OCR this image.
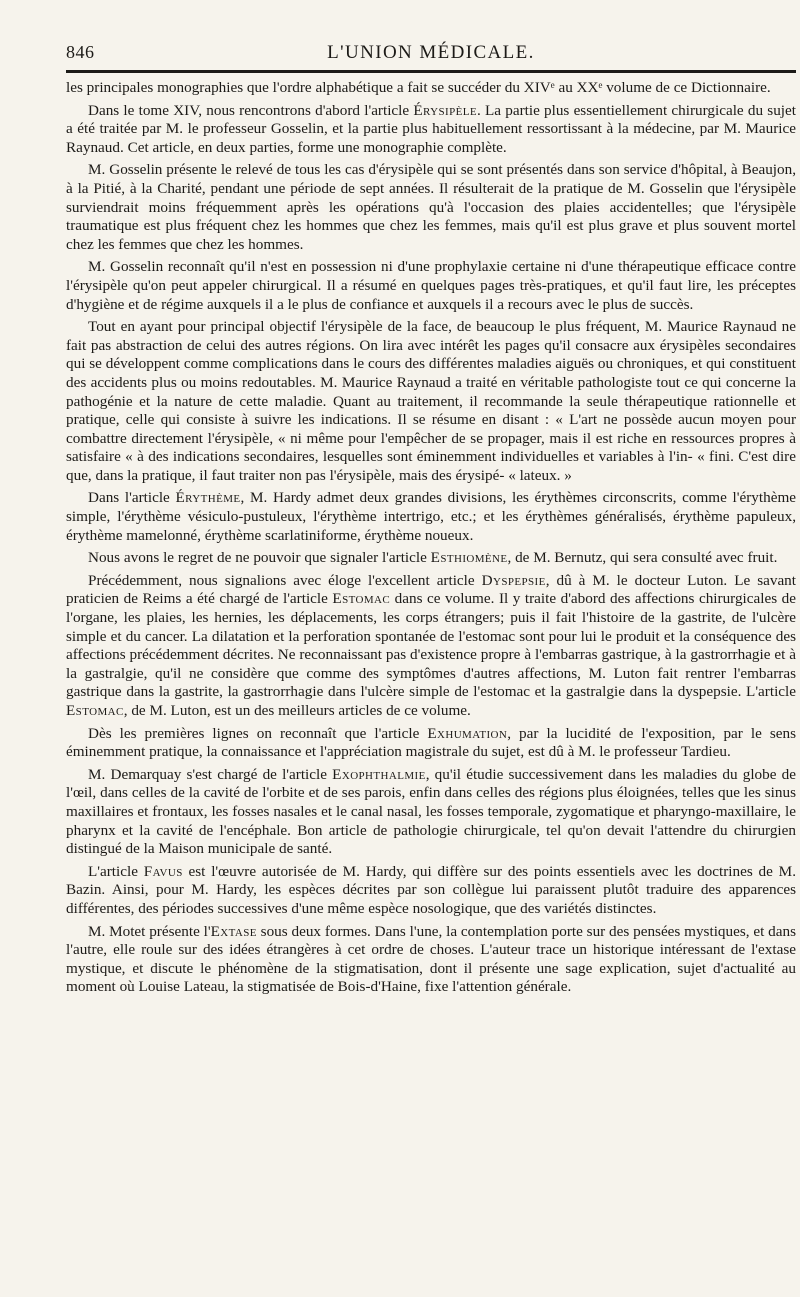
846	L'UNION MÉDICALE.

les principales monographies que l'ordre alphabétique a fait se succéder du XIVᵉ au XXᵉ volume de ce Dictionnaire.

Dans le tome XIV, nous rencontrons d'abord l'article Érysipèle. La partie plus essentiellement chirurgicale du sujet a été traitée par M. le professeur Gosselin, et la partie plus habituellement ressortissant à la médecine, par M. Maurice Raynaud. Cet article, en deux parties, forme une monographie complète.

M. Gosselin présente le relevé de tous les cas d'érysipèle qui se sont présentés dans son service d'hôpital, à Beaujon, à la Pitié, à la Charité, pendant une période de sept années. Il résulterait de la pratique de M. Gosselin que l'érysipèle surviendrait moins fréquemment après les opérations qu'à l'occasion des plaies accidentelles; que l'érysipèle traumatique est plus fréquent chez les hommes que chez les femmes, mais qu'il est plus grave et plus souvent mortel chez les femmes que chez les hommes.

M. Gosselin reconnaît qu'il n'est en possession ni d'une prophylaxie certaine ni d'une thérapeutique efficace contre l'érysipèle qu'on peut appeler chirurgical. Il a résumé en quelques pages très-pratiques, et qu'il faut lire, les préceptes d'hygiène et de régime auxquels il a le plus de confiance et auxquels il a recours avec le plus de succès.

Tout en ayant pour principal objectif l'érysipèle de la face, de beaucoup le plus fréquent, M. Maurice Raynaud ne fait pas abstraction de celui des autres régions. On lira avec intérêt les pages qu'il consacre aux érysipèles secondaires qui se développent comme complications dans le cours des différentes maladies aiguës ou chroniques, et qui constituent des accidents plus ou moins redoutables. M. Maurice Raynaud a traité en véritable pathologiste tout ce qui concerne la pathogénie et la nature de cette maladie. Quant au traitement, il recommande la seule thérapeutique rationnelle et pratique, celle qui consiste à suivre les indications. Il se résume en disant : « L'art ne possède aucun moyen pour combattre directement l'érysipèle, « ni même pour l'empêcher de se propager, mais il est riche en ressources propres à satisfaire « à des indications secondaires, lesquelles sont éminemment individuelles et variables à l'in- « fini. C'est dire que, dans la pratique, il faut traiter non pas l'érysipèle, mais des érysipé- « lateux. »

Dans l'article Érythème, M. Hardy admet deux grandes divisions, les érythèmes circonscrits, comme l'érythème simple, l'érythème vésiculo-pustuleux, l'érythème intertrigo, etc.; et les érythèmes généralisés, érythème papuleux, érythème mamelonné, érythème scarlatiniforme, érythème noueux.

Nous avons le regret de ne pouvoir que signaler l'article Esthiomène, de M. Bernutz, qui sera consulté avec fruit.

Précédemment, nous signalions avec éloge l'excellent article Dyspepsie, dû à M. le docteur Luton. Le savant praticien de Reims a été chargé de l'article Estomac dans ce volume. Il y traite d'abord des affections chirurgicales de l'organe, les plaies, les hernies, les déplacements, les corps étrangers; puis il fait l'histoire de la gastrite, de l'ulcère simple et du cancer. La dilatation et la perforation spontanée de l'estomac sont pour lui le produit et la conséquence des affections précédemment décrites. Ne reconnaissant pas d'existence propre à l'embarras gastrique, à la gastrorrhagie et à la gastralgie, qu'il ne considère que comme des symptômes d'autres affections, M. Luton fait rentrer l'embarras gastrique dans la gastrite, la gastrorrhagie dans l'ulcère simple de l'estomac et la gastralgie dans la dyspepsie. L'article Estomac, de M. Luton, est un des meilleurs articles de ce volume.

Dès les premières lignes on reconnaît que l'article Exhumation, par la lucidité de l'exposition, par le sens éminemment pratique, la connaissance et l'appréciation magistrale du sujet, est dû à M. le professeur Tardieu.

M. Demarquay s'est chargé de l'article Exophthalmie, qu'il étudie successivement dans les maladies du globe de l'œil, dans celles de la cavité de l'orbite et de ses parois, enfin dans celles des régions plus éloignées, telles que les sinus maxillaires et frontaux, les fosses nasales et le canal nasal, les fosses temporale, zygomatique et pharyngo-maxillaire, le pharynx et la cavité de l'encéphale. Bon article de pathologie chirurgicale, tel qu'on devait l'attendre du chirurgien distingué de la Maison municipale de santé.

L'article Favus est l'œuvre autorisée de M. Hardy, qui diffère sur des points essentiels avec les doctrines de M. Bazin. Ainsi, pour M. Hardy, les espèces décrites par son collègue lui paraissent plutôt traduire des apparences différentes, des périodes successives d'une même espèce nosologique, que des variétés distinctes.

M. Motet présente l'Extase sous deux formes. Dans l'une, la contemplation porte sur des pensées mystiques, et dans l'autre, elle roule sur des idées étrangères à cet ordre de choses. L'auteur trace un historique intéressant de l'extase mystique, et discute le phénomène de la stigmatisation, dont il présente une sage explication, sujet d'actualité au moment où Louise Lateau, la stigmatisée de Bois-d'Haine, fixe l'attention générale.
